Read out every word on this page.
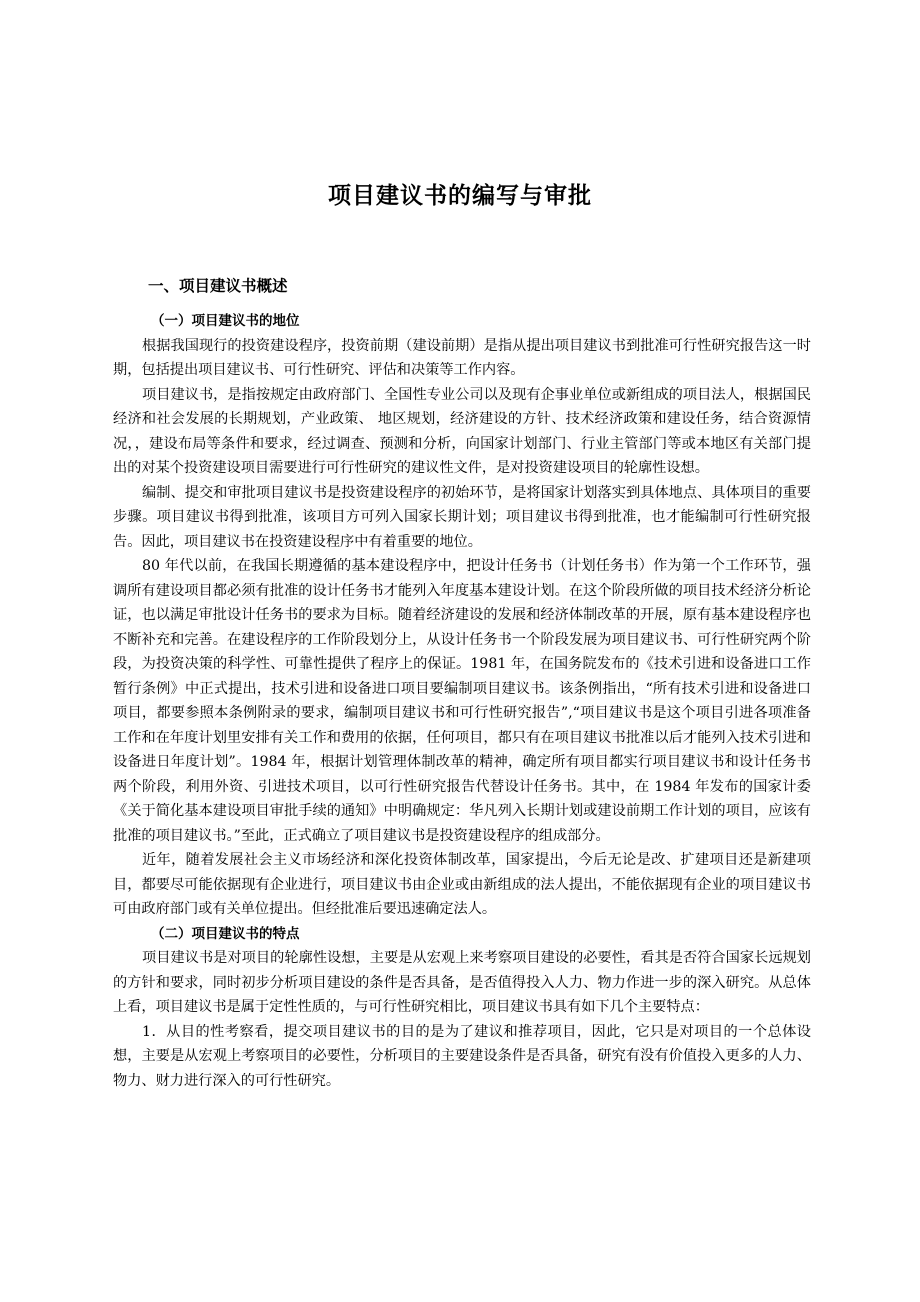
项目建议书的编写与审批
一、项目建议书概述
（一）项目建议书的地位

根据我国现行的投资建设程序，投资前期（建设前期）是指从提出项目建议书到批准可行性研究报告这一时期，包括提出项目建议书、可行性研究、评估和决策等工作内容。

项目建议书，是指按规定由政府部门、全国性专业公司以及现有企事业单位或新组成的项目法人，根据国民经济和社会发展的长期规划，产业政策、 地区规划，经济建设的方针、技术经济政策和建设任务，结合资源情况，，建设布局等条件和要求，经过调查、预测和分析，向国家计划部门、行业主管部门等或本地区有关部门提出的对某个投资建设项目需要进行可行性研究的建议性文件，是对投资建设项目的轮廓性设想。

编制、提交和审批项目建议书是投资建设程序的初始环节，是将国家计划落实到具体地点、具体项目的重要步骤。项目建议书得到批准，该项目方可列入国家长期计划；项目建议书得到批准，也才能编制可行性研究报告。因此，项目建议书在投资建设程序中有着重要的地位。

80 年代以前，在我国长期遵循的基本建设程序中，把设计任务书（计划任务书）作为第一个工作环节，强调所有建设项目都必须有批准的设计任务书才能列入年度基本建设计划。在这个阶段所做的项目技术经济分析论证，也以满足审批设计任务书的要求为目标。随着经济建设的发展和经济体制改革的开展，原有基本建设程序也不断补充和完善。在建设程序的工作阶段划分上，从设计任务书一个阶段发展为项目建议书、可行性研究两个阶段，为投资决策的科学性、可靠性提供了程序上的保证。1981 年，在国务院发布的《技术引进和设备进口工作暂行条例》中正式提出，技术引进和设备进口项目要编制项目建议书。该条例指出，“所有技术引进和设备进口项目，都要参照本条例附录的要求，编制项目建议书和可行性研究报告”,“项目建议书是这个项目引进各项准备工作和在年度计划里安排有关工作和费用的依据，任何项目，都只有在项目建议书批准以后才能列入技术引进和设备进日年度计划”。1984 年，根据计划管理体制改革的精神，确定所有项目都实行项目建议书和设计任务书两个阶段，利用外资、引进技术项目，以可行性研究报告代替设计任务书。其中，在 1984 年发布的国家计委《关于简化基本建设项目审批手续的通知》中明确规定：华凡列入长期计划或建设前期工作计划的项目，应该有批准的项目建议书。”至此，正式确立了项目建议书是投资建设程序的组成部分。

近年，随着发展社会主义市场经济和深化投资体制改革，国家提出，今后无论是改、扩建项目还是新建项目，都要尽可能依据现有企业进行，项目建议书由企业或由新组成的法人提出，不能依据现有企业的项目建议书可由政府部门或有关单位提出。但经批准后要迅速确定法人。

（二）项目建议书的特点

项目建议书是对项目的轮廓性设想，主要是从宏观上来考察项目建设的必要性，看其是否符合国家长远规划的方针和要求，同时初步分析项目建设的条件是否具备，是否值得投入人力、物力作进一步的深入研究。从总体上看，项目建议书是属于定性性质的，与可行性研究相比，项目建议书具有如下几个主要特点：

1．从目的性考察看，提交项目建议书的目的是为了建议和推荐项目，因此，它只是对项目的一个总体设想，主要是从宏观上考察项目的必要性，分析项目的主要建设条件是否具备，研究有没有价值投入更多的人力、物力、财力进行深入的可行性研究。
